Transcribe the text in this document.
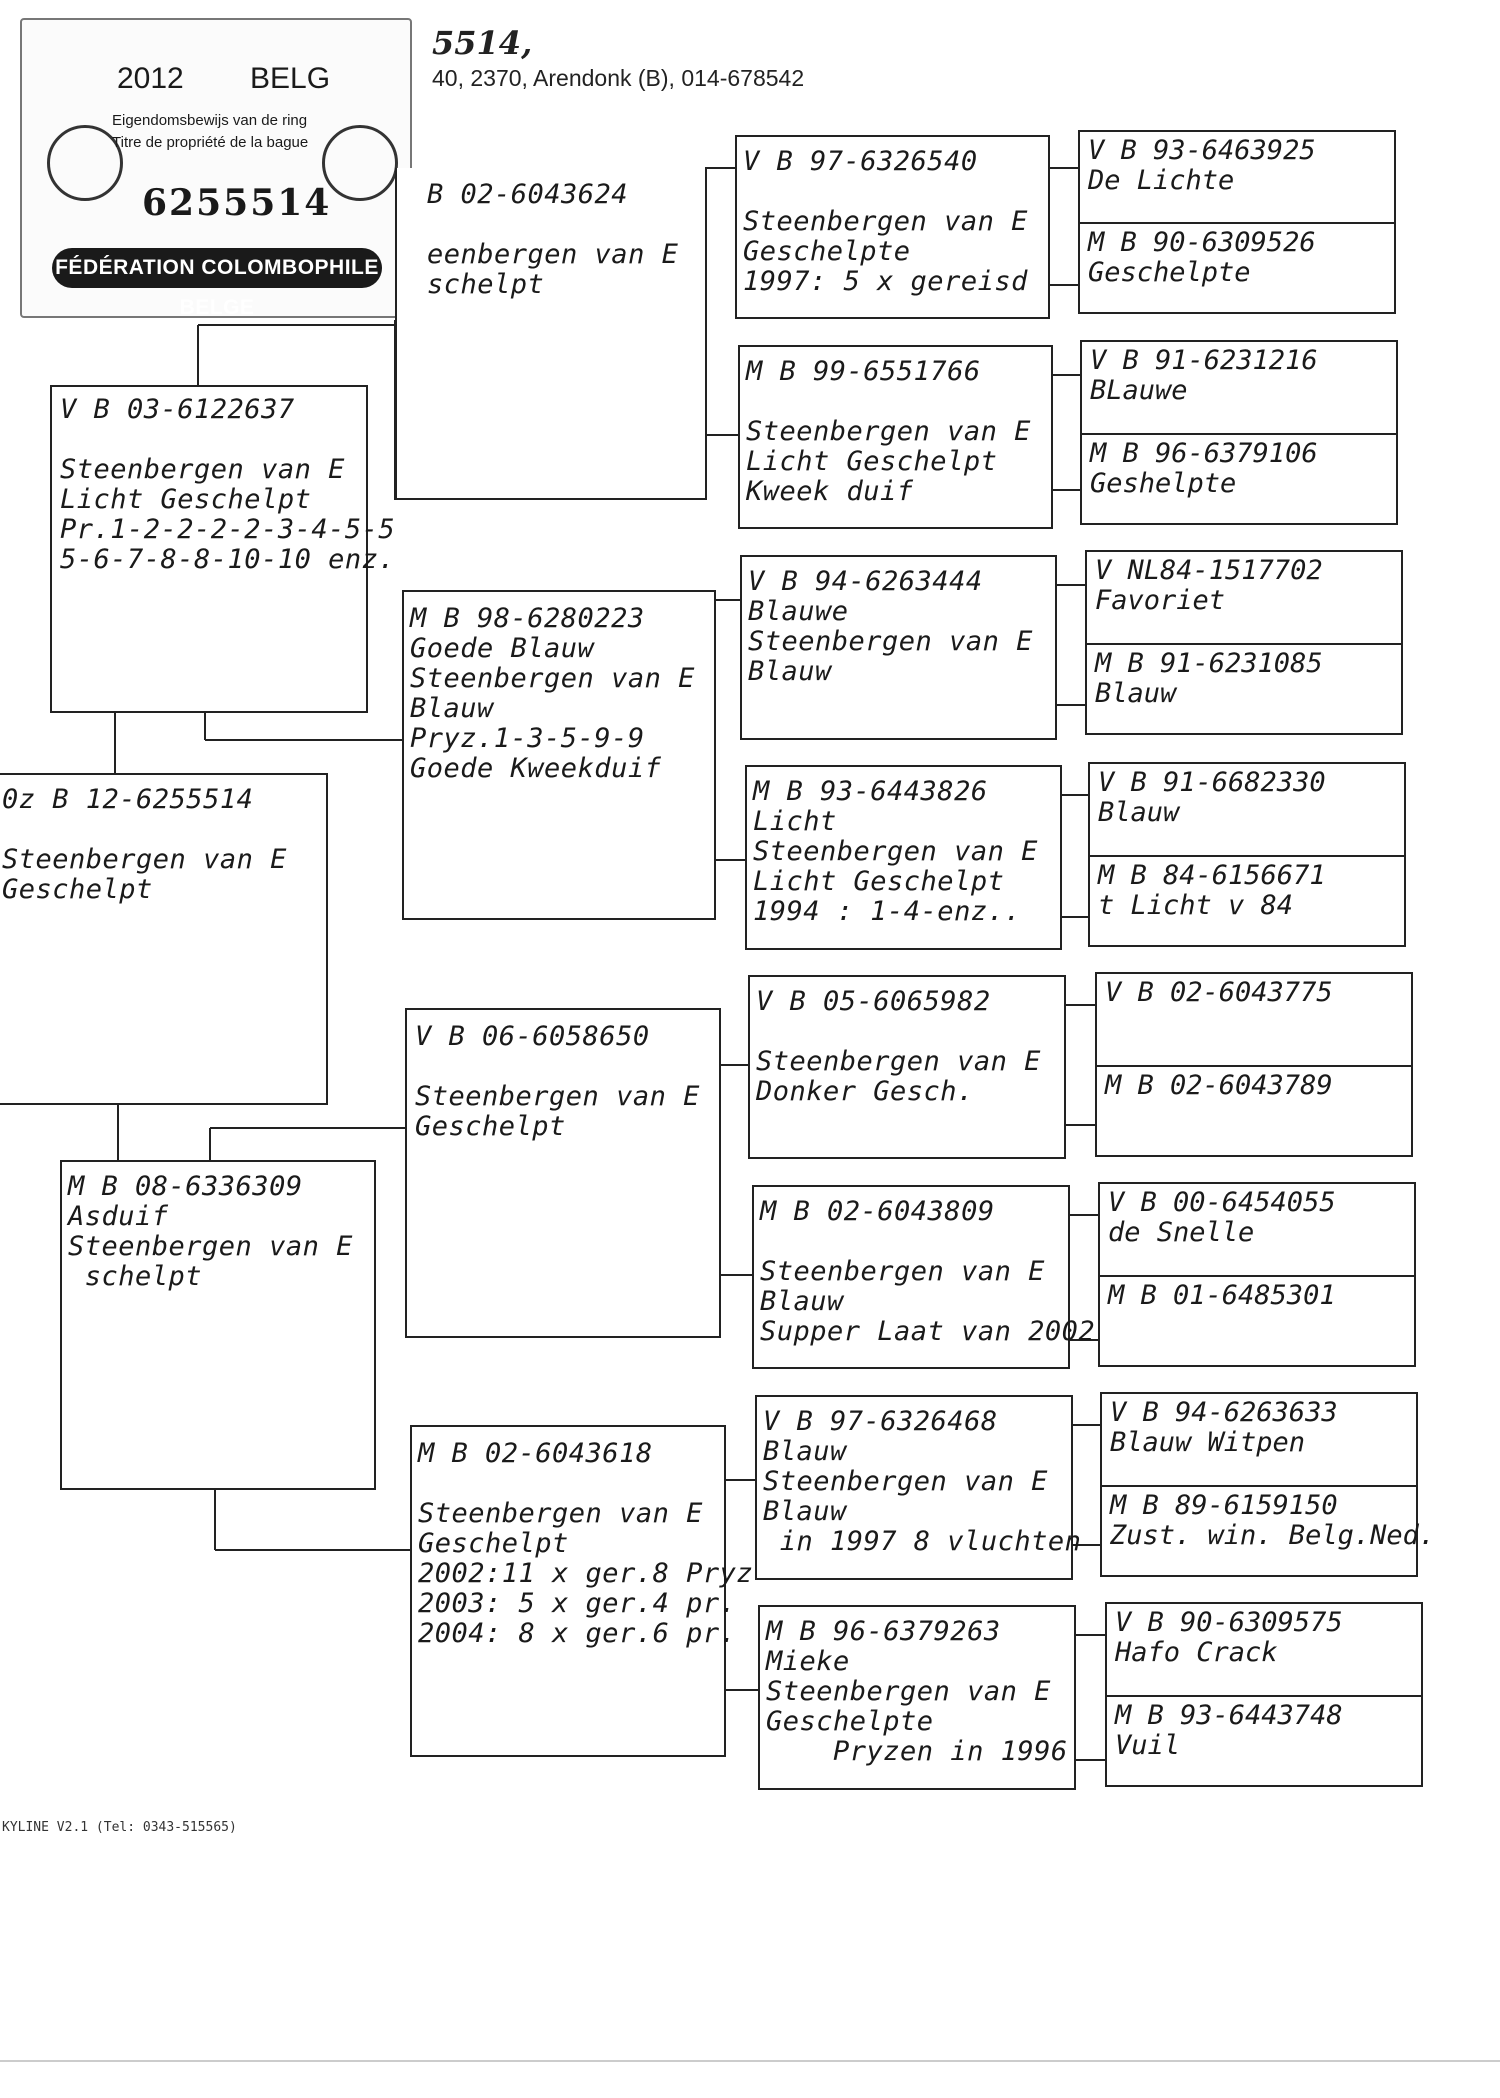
2012 BELG
Eigendomsbewijs van de ring
Titre de propriété de la bague
6255514
FÉDÉRATION COLOMBOPHILE BELGE
5514,
40, 2370, Arendonk (B), 014-678542
0z B 12-6255514

Steenbergen van E
Geschelpt
V B 03-6122637

Steenbergen van E
Licht Geschelpt
Pr.1-2-2-2-2-3-4-5-5
5-6-7-8-8-10-10 enz.
M B 08-6336309
Asduif
Steenbergen van E
schelpt
B 02-6043624

eenbergen van E
schelpt
M B 98-6280223
Goede Blauw
Steenbergen van E
Blauw
Pryz.1-3-5-9-9
Goede Kweekduif
V B 06-6058650

Steenbergen van E
Geschelpt
M B 02-6043618

Steenbergen van E
Geschelpt
2002:11 x ger.8 Pryz
2003: 5 x ger.4 pr.
2004: 8 x ger.6 pr.
V B 97-6326540

Steenbergen van E
Geschelpte
1997: 5 x gereisd
M B 99-6551766

Steenbergen van E
Licht Geschelpt
Kweek duif
V B 94-6263444
Blauwe
Steenbergen van E
Blauw
M B 93-6443826
Licht
Steenbergen van E
Licht Geschelpt
1994 : 1-4-enz..
V B 05-6065982

Steenbergen van E
Donker Gesch.
M B 02-6043809

Steenbergen van E
Blauw
Supper Laat van 2002
V B 97-6326468
Blauw
Steenbergen van E
Blauw
in 1997 8 vluchten
M B 96-6379263
Mieke
Steenbergen van E
Geschelpte
Pryzen in 1996
V B 93-6463925
De Lichte
M B 90-6309526
Geschelpte
V B 91-6231216
BLauwe
M B 96-6379106
Geshelpte
V NL84-1517702
Favoriet
M B 91-6231085
Blauw
V B 91-6682330
Blauw
M B 84-6156671
t Licht v 84
V B 02-6043775

M B 02-6043789

V B 00-6454055
de Snelle
M B 01-6485301

V B 94-6263633
Blauw Witpen
M B 89-6159150
Zust. win. Belg.Ned.
V B 90-6309575
Hafo Crack
M B 93-6443748
Vuil
KYLINE V2.1 (Tel: 0343-515565)
